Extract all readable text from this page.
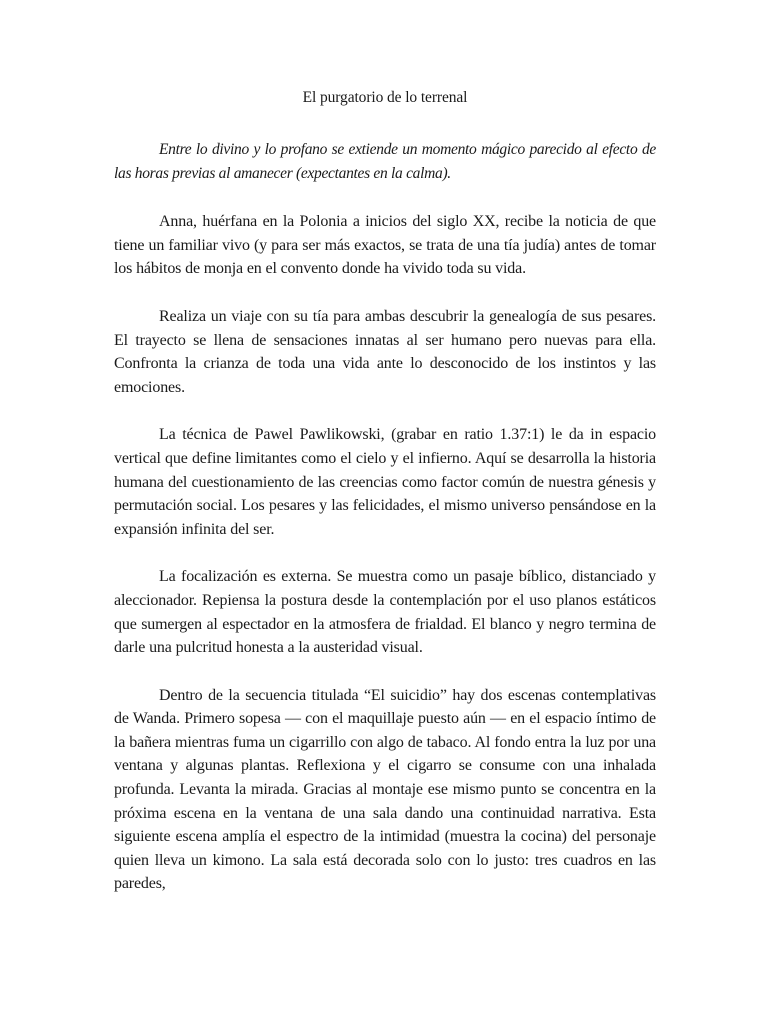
El purgatorio de lo terrenal

Entre lo divino y lo profano se extiende un momento mágico parecido al efecto de las horas previas al amanecer (expectantes en la calma).

Anna, huérfana en la Polonia a inicios del siglo XX, recibe la noticia de que tiene un familiar vivo (y para ser más exactos, se trata de una tía judía) antes de tomar los hábitos de monja en el convento donde ha vivido toda su vida.

Realiza un viaje con su tía para ambas descubrir la genealogía de sus pesares. El trayecto se llena de sensaciones innatas al ser humano pero nuevas para ella. Confronta la crianza de toda una vida ante lo desconocido de los instintos y las emociones.

La técnica de Pawel Pawlikowski, (grabar en ratio 1.37:1) le da in espacio vertical que define limitantes como el cielo y el infierno. Aquí se desarrolla la historia humana del cuestionamiento de las creencias como factor común de nuestra génesis y permutación social. Los pesares y las felicidades, el mismo universo pensándose en la expansión infinita del ser.

La focalización es externa. Se muestra como un pasaje bíblico, distanciado y aleccionador. Repiensa la postura desde la contemplación por el uso planos estáticos que sumergen al espectador en la atmosfera de frialdad. El blanco y negro termina de darle una pulcritud honesta a la austeridad visual.

Dentro de la secuencia titulada “El suicidio” hay dos escenas contemplativas de Wanda. Primero sopesa — con el maquillaje puesto aún — en el espacio íntimo de la bañera mientras fuma un cigarrillo con algo de tabaco. Al fondo entra la luz por una ventana y algunas plantas. Reflexiona y el cigarro se consume con una inhalada profunda. Levanta la mirada. Gracias al montaje ese mismo punto se concentra en la próxima escena en la ventana de una sala dando una continuidad narrativa. Esta siguiente escena amplía el espectro de la intimidad (muestra la cocina) del personaje quien lleva un kimono. La sala está decorada solo con lo justo: tres cuadros en las paredes,
